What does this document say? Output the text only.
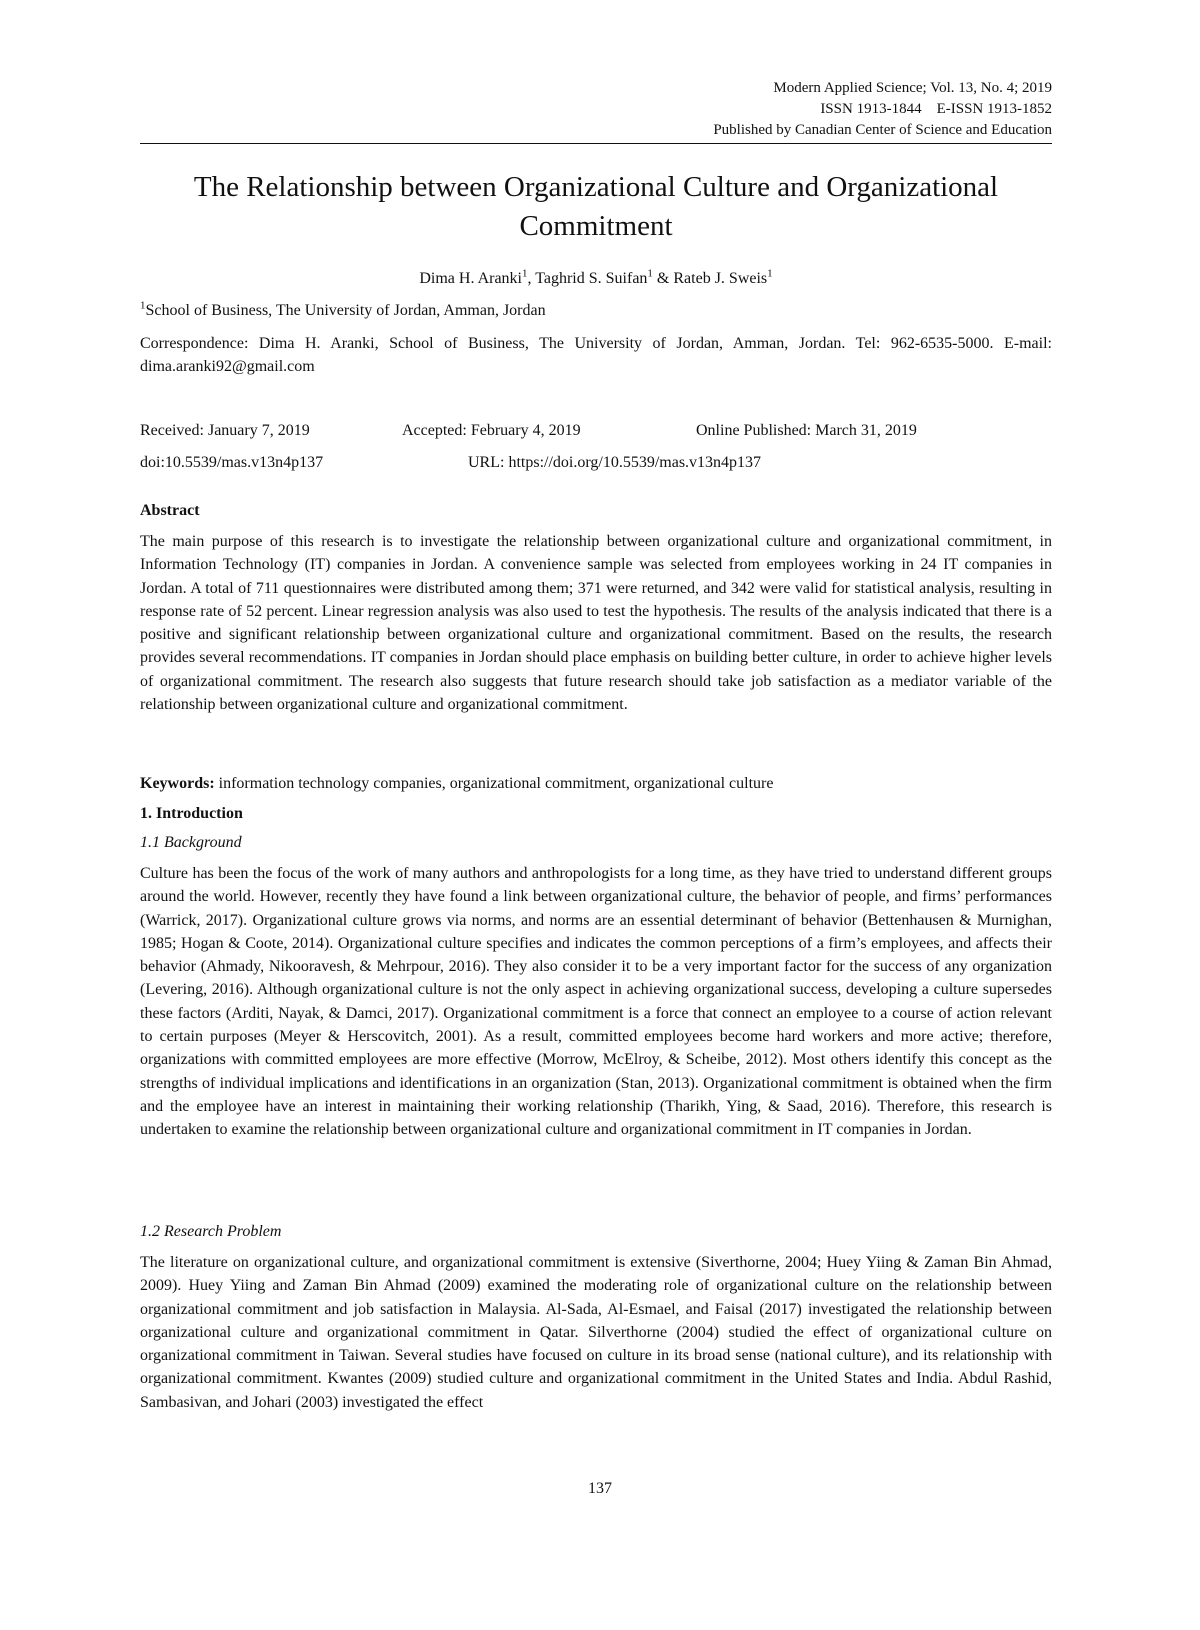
Modern Applied Science; Vol. 13, No. 4; 2019
ISSN 1913-1844    E-ISSN 1913-1852
Published by Canadian Center of Science and Education
The Relationship between Organizational Culture and Organizational Commitment
Dima H. Aranki$^1$, Taghrid S. Suifan$^1$ & Rateb J. Sweis$^1$
$^1$School of Business, The University of Jordan, Amman, Jordan
Correspondence: Dima H. Aranki, School of Business, The University of Jordan, Amman, Jordan. Tel: 962-6535-5000. E-mail: dima.aranki92@gmail.com
Received: January 7, 2019	Accepted: February 4, 2019	Online Published: March 31, 2019
doi:10.5539/mas.v13n4p137	URL: https://doi.org/10.5539/mas.v13n4p137
Abstract

The main purpose of this research is to investigate the relationship between organizational culture and organizational commitment, in Information Technology (IT) companies in Jordan. A convenience sample was selected from employees working in 24 IT companies in Jordan. A total of 711 questionnaires were distributed among them; 371 were returned, and 342 were valid for statistical analysis, resulting in response rate of 52 percent. Linear regression analysis was also used to test the hypothesis. The results of the analysis indicated that there is a positive and significant relationship between organizational culture and organizational commitment. Based on the results, the research provides several recommendations. IT companies in Jordan should place emphasis on building better culture, in order to achieve higher levels of organizational commitment. The research also suggests that future research should take job satisfaction as a mediator variable of the relationship between organizational culture and organizational commitment.

Keywords: information technology companies, organizational commitment, organizational culture
1. Introduction
1.1 Background

Culture has been the focus of the work of many authors and anthropologists for a long time, as they have tried to understand different groups around the world. However, recently they have found a link between organizational culture, the behavior of people, and firms’ performances (Warrick, 2017). Organizational culture grows via norms, and norms are an essential determinant of behavior (Bettenhausen & Murnighan, 1985; Hogan & Coote, 2014). Organizational culture specifies and indicates the common perceptions of a firm’s employees, and affects their behavior (Ahmady, Nikooravesh, & Mehrpour, 2016). They also consider it to be a very important factor for the success of any organization (Levering, 2016). Although organizational culture is not the only aspect in achieving organizational success, developing a culture supersedes these factors (Arditi, Nayak, & Damci, 2017). Organizational commitment is a force that connect an employee to a course of action relevant to certain purposes (Meyer & Herscovitch, 2001). As a result, committed employees become hard workers and more active; therefore, organizations with committed employees are more effective (Morrow, McElroy, & Scheibe, 2012). Most others identify this concept as the strengths of individual implications and identifications in an organization (Stan, 2013). Organizational commitment is obtained when the firm and the employee have an interest in maintaining their working relationship (Tharikh, Ying, & Saad, 2016). Therefore, this research is undertaken to examine the relationship between organizational culture and organizational commitment in IT companies in Jordan.

1.2 Research Problem

The literature on organizational culture, and organizational commitment is extensive (Siverthorne, 2004; Huey Yiing & Zaman Bin Ahmad, 2009). Huey Yiing and Zaman Bin Ahmad (2009) examined the moderating role of organizational culture on the relationship between organizational commitment and job satisfaction in Malaysia. Al-Sada, Al-Esmael, and Faisal (2017) investigated the relationship between organizational culture and organizational commitment in Qatar. Silverthorne (2004) studied the effect of organizational culture on organizational commitment in Taiwan. Several studies have focused on culture in its broad sense (national culture), and its relationship with organizational commitment. Kwantes (2009) studied culture and organizational commitment in the United States and India. Abdul Rashid, Sambasivan, and Johari (2003) investigated the effect

137
